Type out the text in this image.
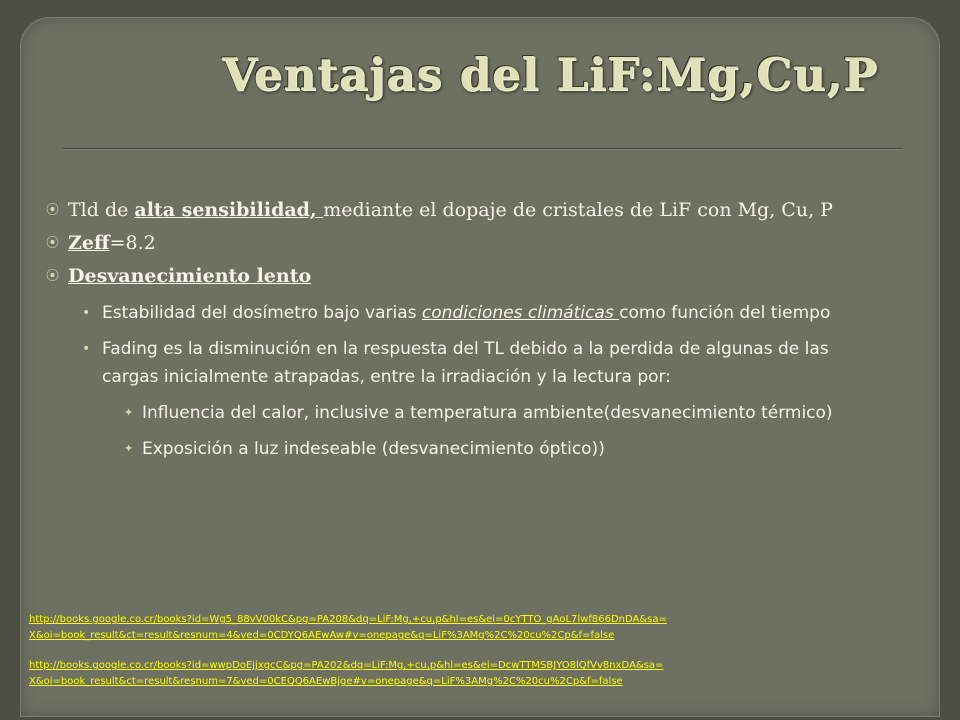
Ventajas del LiF:Mg,Cu,P

⦿ Tld de alta sensibilidad, mediante el dopaje de cristales de LiF con Mg, Cu, P

⦿ Zeff=8.2

⦿ Desvanecimiento lento

• Estabilidad del dosímetro bajo varias condiciones climáticas como función del tiempo

• Fading es la disminución en la respuesta del TL debido a la perdida de algunas de las cargas inicialmente atrapadas, entre la irradiación y la lectura por:

✦ Influencia del calor, inclusive a temperatura ambiente(desvanecimiento térmico)

✦ Exposición a luz indeseable (desvanecimiento óptico))

http://books.google.co.cr/books?id=Wg5_88vV00kC&pg=PA208&dq=LiF:Mg,+cu,p&hl=es&ei=0cYTTO_gAoL7lwf866DnDA&sa=
X&oi=book_result&ct=result&resnum=4&ved=0CDYQ6AEwAw#v=onepage&q=LiF%3AMg%2C%20cu%2Cp&f=false
http://books.google.co.cr/books?id=wwpDoEjjxgcC&pg=PA202&dq=LiF:Mg,+cu,p&hl=es&ei=DcwTTMSBJYO8lQfVv8nxDA&sa=
X&oi=book_result&ct=result&resnum=7&ved=0CEQQ6AEwBjge#v=onepage&q=LiF%3AMg%2C%20cu%2Cp&f=false
